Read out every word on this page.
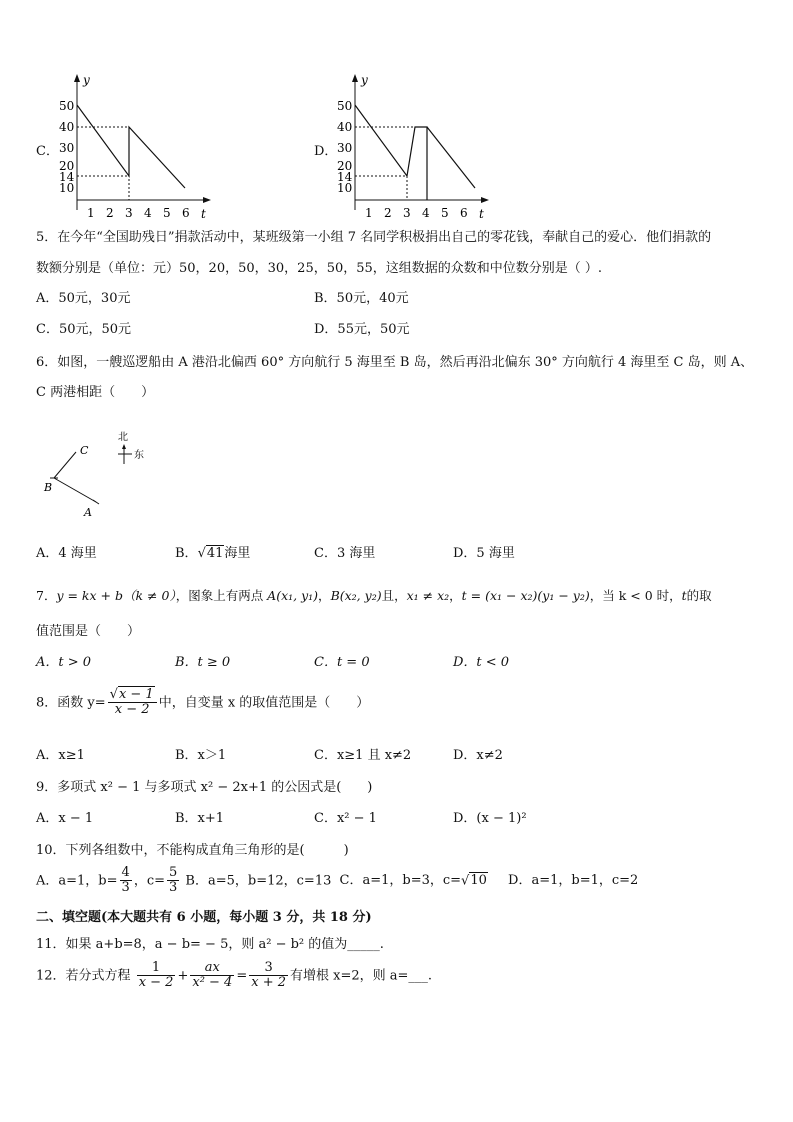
C．
y
t
50
40
30
20
14
10
1 2 3 4 5 6
D．
y
t
50
40
30
20
14
10
1 2 3 4 5 6
5．在今年“全国助残日”捐款活动中，某班级第一小组 7 名同学积极捐出自己的零花钱，奉献自己的爱心．他们捐款的
数额分别是（单位：元）50，20，50，30，25，50，55，这组数据的众数和中位数分别是（ ）.
A．50元，30元	B．50元，40元
C．50元，50元	D．55元，50元
6．如图，一艘巡逻船由 A 港沿北偏西 60° 方向航行 5 海里至 B 岛，然后再沿北偏东 30° 方向航行 4 海里至 C 岛，则 A、
C 两港相距（　　）
C
B
A
北
东
A．4 海里	B．√41海里	C．3 海里	D．5 海里
7．y = kx + b（k ≠ 0），图象上有两点 A(x₁, y₁)，B(x₂, y₂)且，x₁ ≠ x₂，t = (x₁ − x₂)(y₁ − y₂)，当 k < 0 时，t的取
值范围是（　　）
A．t > 0	B．t ≥ 0	C．t = 0	D．t < 0
8．函数 $y= \frac{√x - 1}{x - 2}$ 中，自变量 x 的取值范围是（　　）
A．x≥1	B．x＞1	C．x≥1 且 x≠2	D．x≠2
9．多项式 x² − 1 与多项式 x² − 2x+1 的公因式是(　　)
A．x − 1	B．x+1	C．x² − 1	D．(x − 1)²
10．下列各组数中，不能构成直角三角形的是(　　　)
A．a=1，$b= \frac{4}{3}$ ，$c= \frac{5}{3}$ B．a=5，b=12，c=13 C．a=1，b=3，c=√10 D．a=1，b=1，c=2
二、填空题(本大题共有 6 小题，每小题 3 分，共 18 分)
11．如果 a+b=8，a − b= − 5，则 a² − b² 的值为_____.
12．若分式方程 $\frac{1}{x - 2} + \frac{ax}{\text{x² − 4}} = \frac{3}{x + 2}$ 有增根 x=2，则 a=___.
